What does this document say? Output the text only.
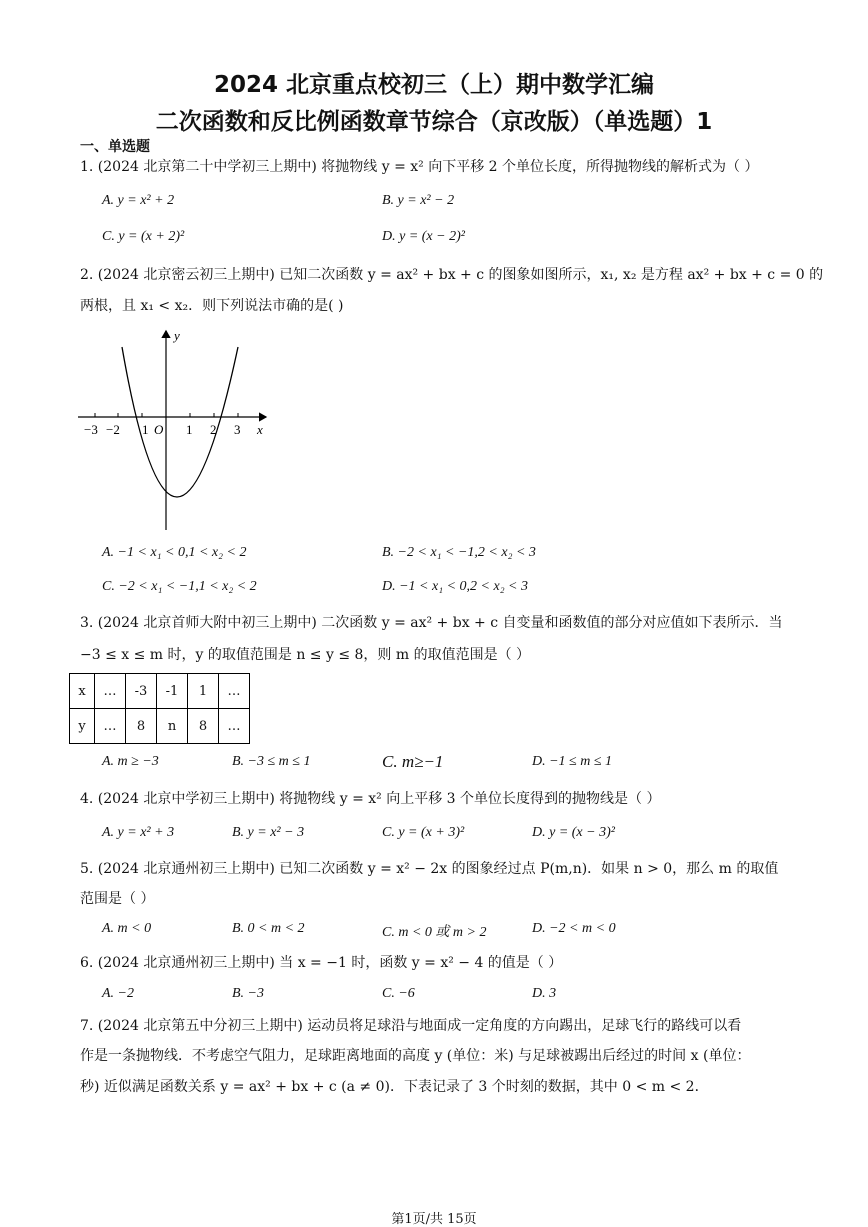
2024 北京重点校初三（上）期中数学汇编
二次函数和反比例函数章节综合（京改版）（单选题）1
一、单选题
1. (2024 北京第二十中学初三上期中) 将抛物线 y = x² 向下平移 2 个单位长度，所得抛物线的解析式为（ ）
A. y = x² + 2	B. y = x² − 2
C. y = (x + 2)²	D. y = (x − 2)²
2. (2024 北京密云初三上期中) 已知二次函数 y = ax² + bx + c 的图象如图所示，x₁, x₂ 是方程 ax² + bx + c = 0 的
两根，且 x₁ < x₂．则下列说法市确的是( )
−3 −2 1 O 1 2 3 x
y
A. −1 < x₁ < 0,1 < x₂ < 2	B. −2 < x₁ < −1,2 < x₂ < 3
C. −2 < x₁ < −1,1 < x₂ < 2	D. −1 < x₁ < 0,2 < x₂ < 3
3. (2024 北京首师大附中初三上期中) 二次函数 y = ax² + bx + c 自变量和函数值的部分对应值如下表所示．当
−3 ≤ x ≤ m 时，y 的取值范围是 n ≤ y ≤ 8，则 m 的取值范围是（ ）
x	…	-3	-1	1	…
y	…	8	n	8	…
A. m ≥ −3	B. −3 ≤ m ≤ 1	C. m≥−1	D. −1 ≤ m ≤ 1
4. (2024 北京中学初三上期中) 将抛物线 y = x² 向上平移 3 个单位长度得到的抛物线是（ ）
A. y = x² + 3	B. y = x² − 3	C. y = (x + 3)²	D. y = (x − 3)²
5. (2024 北京通州初三上期中) 已知二次函数 y = x² − 2x 的图象经过点 P(m,n)．如果 n > 0，那么 m 的取值
范围是（ ）
A. m < 0	B. 0 < m < 2	C. m < 0 或 m > 2	D. −2 < m < 0
6. (2024 北京通州初三上期中) 当 x = −1 时，函数 y = x² − 4 的值是（ ）
A. −2	B. −3	C. −6	D. 3
7. (2024 北京第五中分初三上期中) 运动员将足球沿与地面成一定角度的方向踢出，足球飞行的路线可以看
作是一条抛物线．不考虑空气阻力，足球距离地面的高度 y (单位：米) 与足球被踢出后经过的时间 x (单位：
秒) 近似满足函数关系 y = ax² + bx + c (a ≠ 0)．下表记录了 3 个时刻的数据，其中 0 < m < 2．
第1页/共 15页
